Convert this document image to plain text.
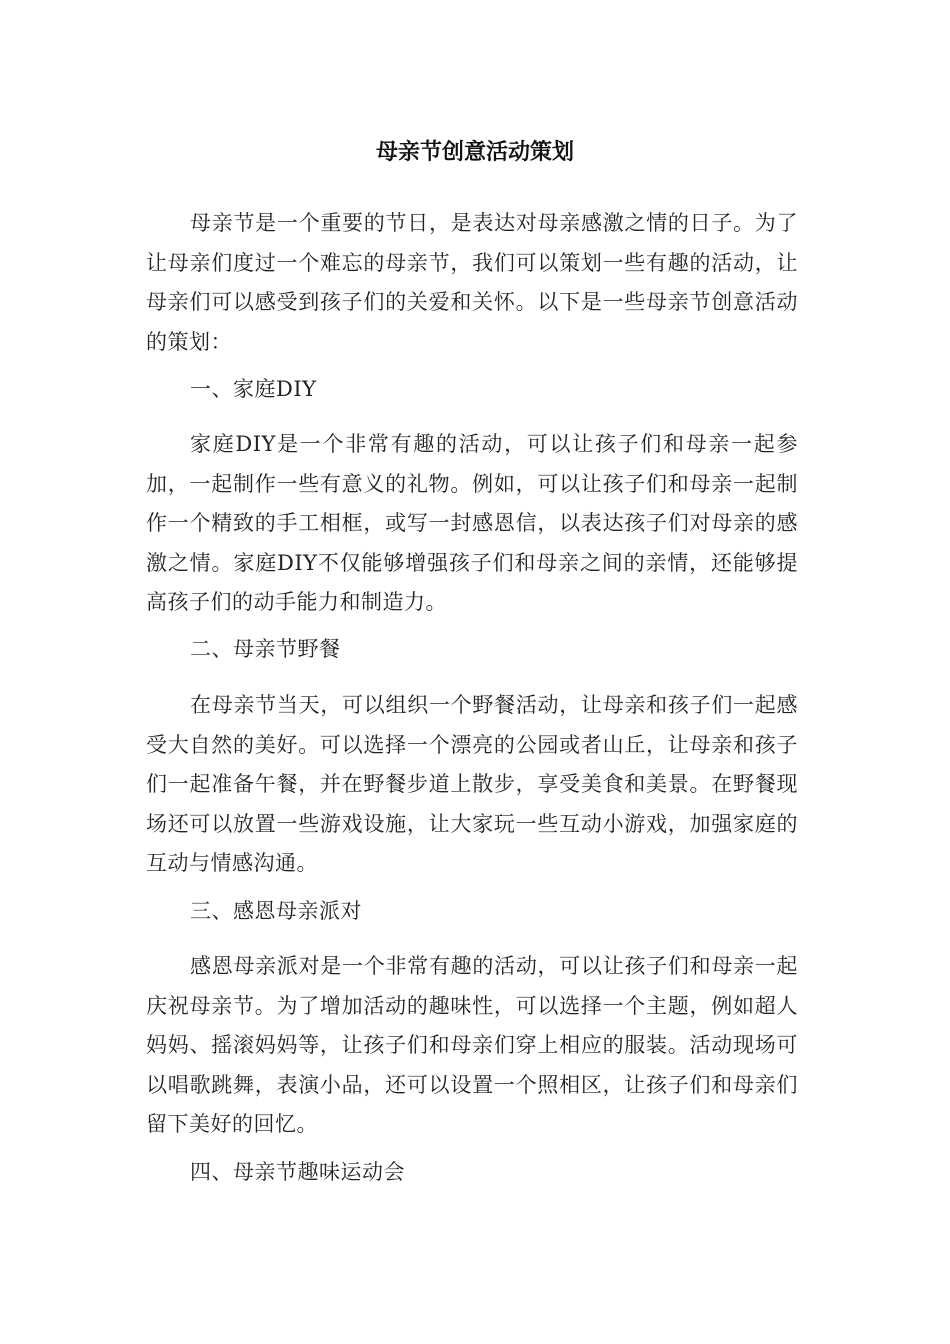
母亲节创意活动策划

母亲节是一个重要的节日，是表达对母亲感激之情的日子。为了让母亲们度过一个难忘的母亲节，我们可以策划一些有趣的活动，让母亲们可以感受到孩子们的关爱和关怀。以下是一些母亲节创意活动的策划：

一、家庭DIY

家庭DIY是一个非常有趣的活动，可以让孩子们和母亲一起参加，一起制作一些有意义的礼物。例如，可以让孩子们和母亲一起制作一个精致的手工相框，或写一封感恩信，以表达孩子们对母亲的感激之情。家庭DIY不仅能够增强孩子们和母亲之间的亲情，还能够提高孩子们的动手能力和制造力。

二、母亲节野餐

在母亲节当天，可以组织一个野餐活动，让母亲和孩子们一起感受大自然的美好。可以选择一个漂亮的公园或者山丘，让母亲和孩子们一起准备午餐，并在野餐步道上散步，享受美食和美景。在野餐现场还可以放置一些游戏设施，让大家玩一些互动小游戏，加强家庭的互动与情感沟通。

三、感恩母亲派对

感恩母亲派对是一个非常有趣的活动，可以让孩子们和母亲一起庆祝母亲节。为了增加活动的趣味性，可以选择一个主题，例如超人妈妈、摇滚妈妈等，让孩子们和母亲们穿上相应的服装。活动现场可以唱歌跳舞，表演小品，还可以设置一个照相区，让孩子们和母亲们留下美好的回忆。

四、母亲节趣味运动会
